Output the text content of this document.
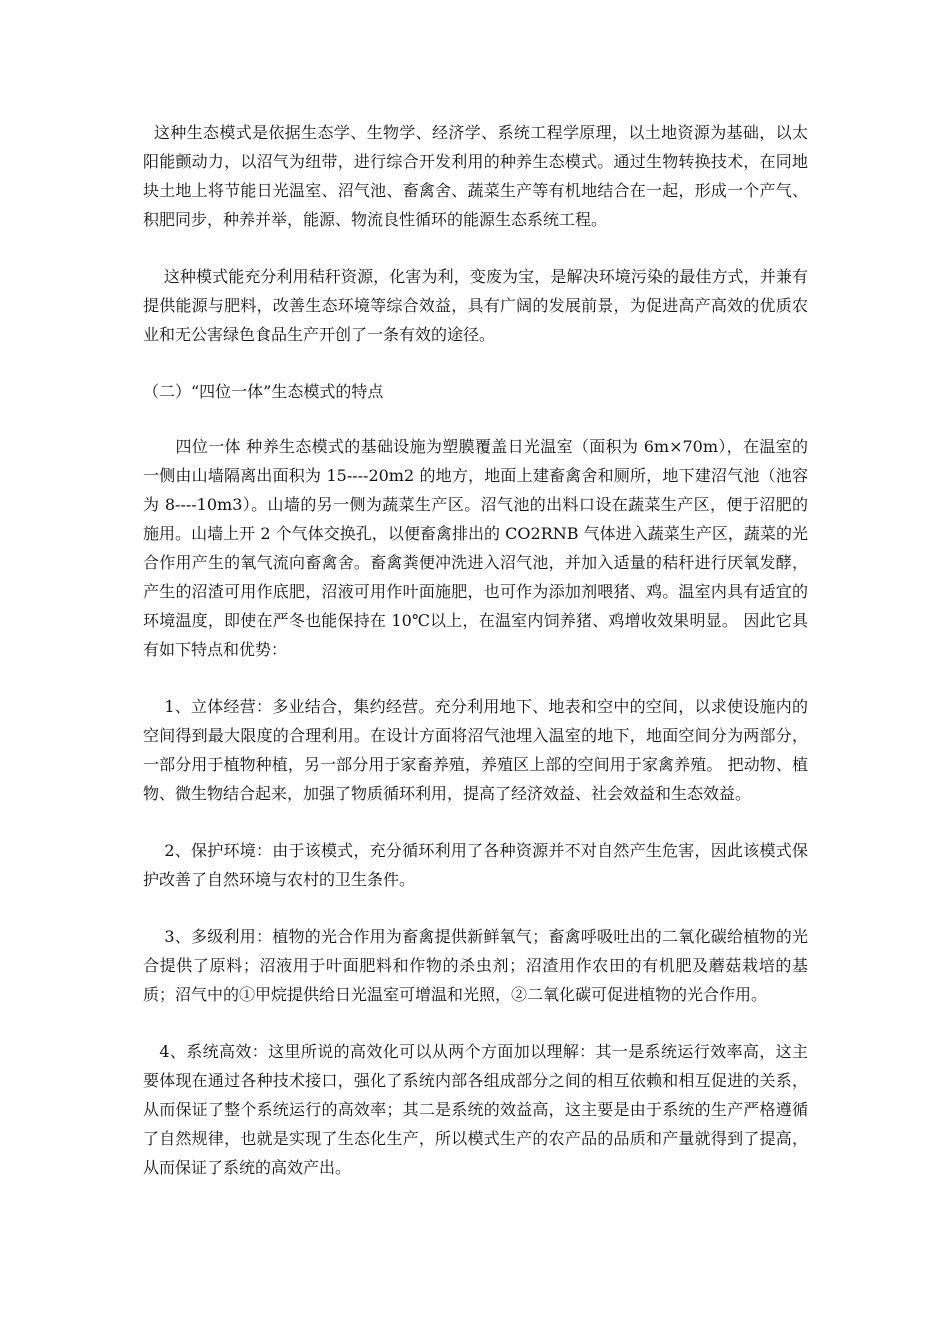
这种生态模式是依据生态学、生物学、经济学、系统工程学原理，以土地资源为基础，以太阳能颤动力，以沼气为纽带，进行综合开发利用的种养生态模式。通过生物转换技术，在同地块土地上将节能日光温室、沼气池、畜禽舍、蔬菜生产等有机地结合在一起，形成一个产气、积肥同步，种养并举，能源、物流良性循环的能源生态系统工程。

这种模式能充分利用秸秆资源，化害为利，变废为宝，是解决环境污染的最佳方式，并兼有提供能源与肥料，改善生态环境等综合效益，具有广阔的发展前景，为促进高产高效的优质农业和无公害绿色食品生产开创了一条有效的途径。

（二）“四位一体”生态模式的特点

四位一体 种养生态模式的基础设施为塑膜覆盖日光温室（面积为 6m×70m），在温室的一侧由山墙隔离出面积为 15----20m2 的地方，地面上建畜禽舍和厕所，地下建沼气池（池容为 8----10m3）。山墙的另一侧为蔬菜生产区。沼气池的出料口设在蔬菜生产区，便于沼肥的施用。山墙上开 2 个气体交换孔，以便畜禽排出的 CO2RNB 气体进入蔬菜生产区，蔬菜的光合作用产生的氧气流向畜禽舍。畜禽粪便冲洗进入沼气池，并加入适量的秸秆进行厌氧发酵，产生的沼渣可用作底肥，沼液可用作叶面施肥，也可作为添加剂喂猪、鸡。温室内具有适宜的环境温度，即使在严冬也能保持在 10℃以上，在温室内饲养猪、鸡增收效果明显。 因此它具有如下特点和优势：

1、立体经营：多业结合，集约经营。充分利用地下、地表和空中的空间，以求使设施内的空间得到最大限度的合理利用。在设计方面将沼气池埋入温室的地下，地面空间分为两部分，一部分用于植物种植，另一部分用于家畜养殖，养殖区上部的空间用于家禽养殖。 把动物、植物、微生物结合起来，加强了物质循环利用，提高了经济效益、社会效益和生态效益。

2、保护环境：由于该模式，充分循环利用了各种资源并不对自然产生危害，因此该模式保护改善了自然环境与农村的卫生条件。

3、多级利用：植物的光合作用为畜禽提供新鲜氧气；畜禽呼吸吐出的二氧化碳给植物的光合提供了原料；沼液用于叶面肥料和作物的杀虫剂；沼渣用作农田的有机肥及蘑菇栽培的基质；沼气中的①甲烷提供给日光温室可增温和光照，②二氧化碳可促进植物的光合作用。

4、系统高效：这里所说的高效化可以从两个方面加以理解：其一是系统运行效率高，这主要体现在通过各种技术接口，强化了系统内部各组成部分之间的相互依赖和相互促进的关系，从而保证了整个系统运行的高效率；其二是系统的效益高，这主要是由于系统的生产严格遵循了自然规律，也就是实现了生态化生产，所以模式生产的农产品的品质和产量就得到了提高，从而保证了系统的高效产出。
